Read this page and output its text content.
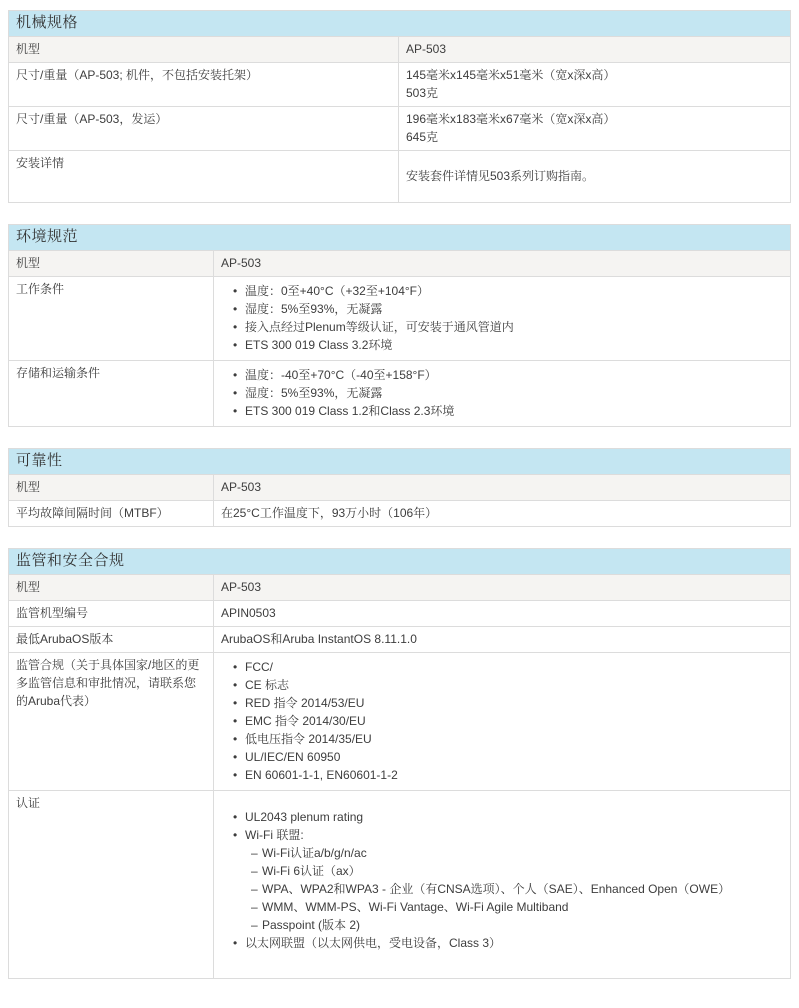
机械规格	
机型	AP-503

尺寸/重量（AP-503; 机件，不包括安装托架）	145毫米x145毫米x51毫米（宽x深x高）
503克

尺寸/重量（AP-503，发运）	196毫米x183毫米x67毫米（宽x深x高）
645克

安装详情	安装套件详情见503系列订购指南。

环境规范	
机型	AP-503

工作条件	
•温度：0至+40°C（+32至+104°F）
• 湿度：5%至93%，无凝露
• 接入点经过Plenum等级认证，可安装于通风管道内
• ETS 300 019 Class 3.2环境

存储和运输条件	
•温度：-40至+70°C（-40至+158°F）
• 湿度：5%至93%，无凝露
• ETS 300 019 Class 1.2和Class 2.3环境
可靠性	
机型	AP-503

平均故障间隔时间（MTBF）	在25°C工作温度下，93万小时（106年）
监管和安全合规	
机型	AP-503

监管机型编号	APIN0503

最低ArubaOS版本	ArubaOS和Aruba InstantOS 8.11.1.0

监管合规（关于具体国家/地区的更多监管信息和审批情况，请联系您的Aruba代表）	
• FCC/
• CE 标志
• RED 指令 2014/53/EU
• EMC 指令 2014/30/EU
• 低电压指令 2014/35/EU
• UL/IEC/EN 60950
• EN 60601-1-1, EN60601-1-2

认证	
• UL2043 plenum rating
• Wi-Fi 联盟:
– Wi-Fi认证a/b/g/n/ac
– Wi-Fi 6认证（ax）
– WPA、WPA2和WPA3 - 企业（有CNSA选项）、个人（SAE）、Enhanced Open（OWE）
– WMM、WMM-PS、Wi-Fi Vantage、Wi-Fi Agile Multiband
– Passpoint (版本 2)
• 以太网联盟（以太网供电，受电设备，Class 3）
